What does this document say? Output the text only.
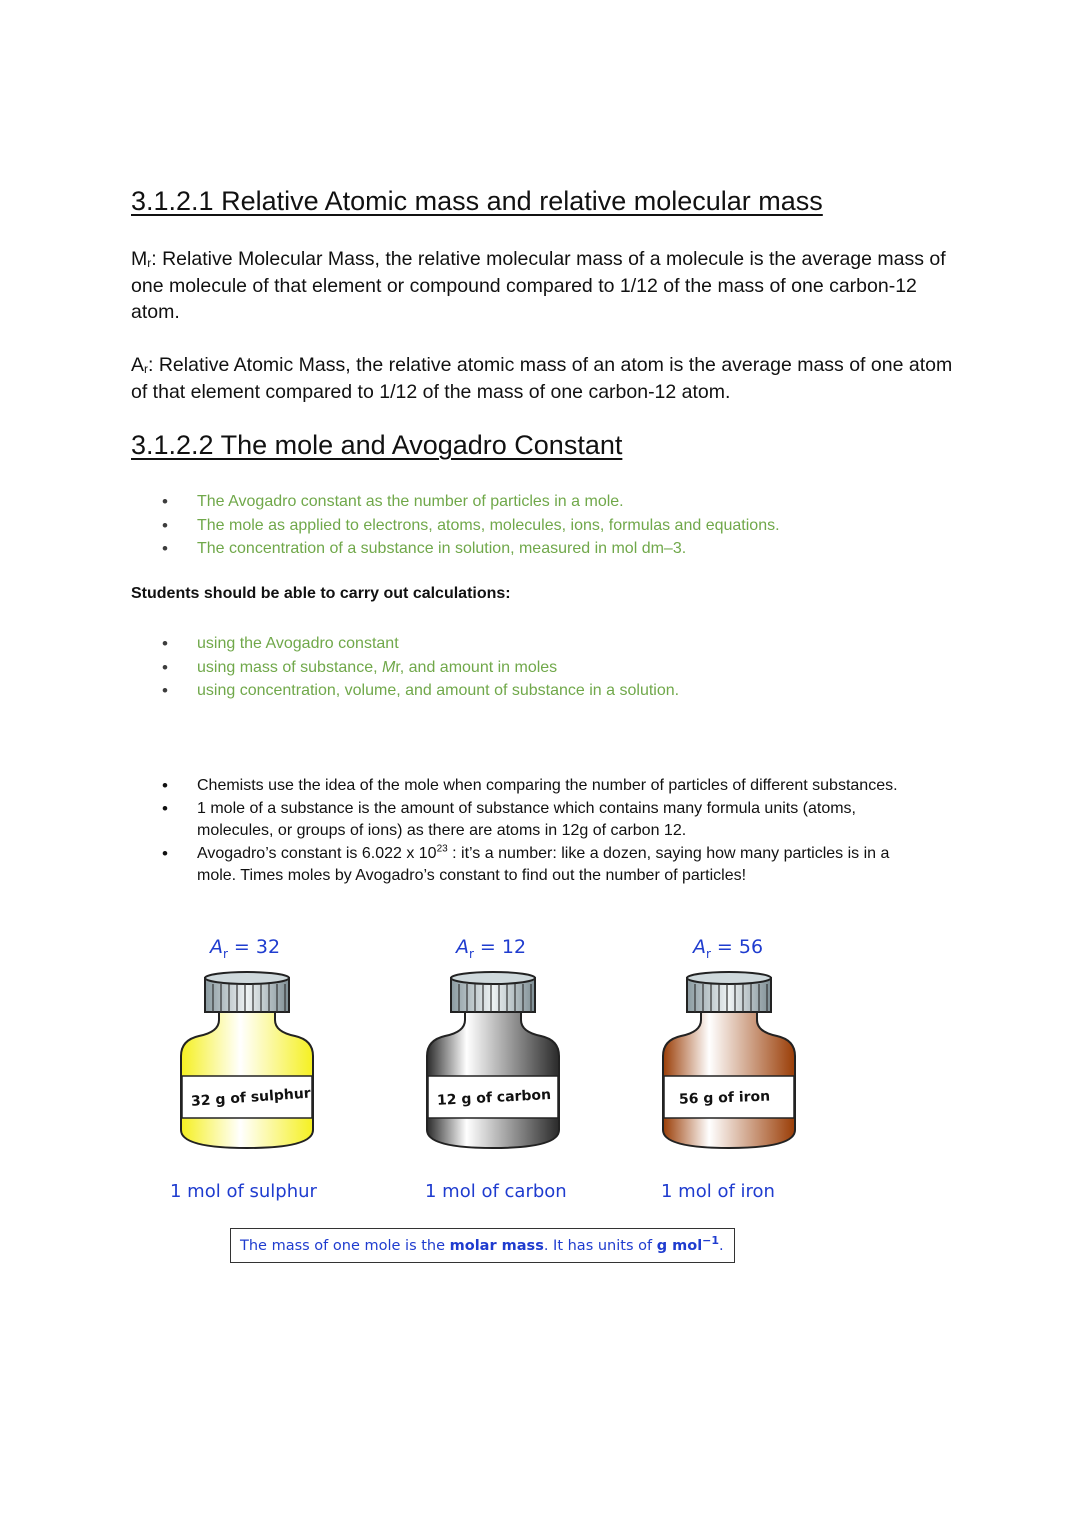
3.1.2.1 Relative Atomic mass and relative molecular mass

$M_r$: Relative Molecular Mass, the relative molecular mass of a molecule is the average mass of one molecule of that element or compound compared to 1/12 of the mass of one carbon-12 atom.

$A_r$: Relative Atomic Mass, the relative atomic mass of an atom is the average mass of one atom of that element compared to 1/12 of the mass of one carbon-12 atom.

3.1.2.2 The mole and Avogadro Constant
• The Avogadro constant as the number of particles in a mole.
• The mole as applied to electrons, atoms, molecules, ions, formulas and equations.
• The concentration of a substance in solution, measured in mol dm–3.

Students should be able to carry out calculations:

• using the Avogadro constant
• using mass of substance, Mr, and amount in moles
• using concentration, volume, and amount of substance in a solution.
• Chemists use the idea of the mole when comparing the number of particles of different substances.
• 1 mole of a substance is the amount of substance which contains many formula units (atoms, molecules, or groups of ions) as there are atoms in 12g of carbon 12.
• Avogadro’s constant is 6.022 x $10^{23}$ : it’s a number: like a dozen, saying how many particles is in a mole. Times moles by Avogadro’s constant to find out the number of particles!
$A_r = 32$	$A_r = 12$	$A_r = 56$
32 g of sulphur	12 g of carbon	56 g of iron
1 mol of sulphur	1 mol of carbon	1 mol of iron
The mass of one mole is the molar mass. It has units of g mol$^{-1}$.
